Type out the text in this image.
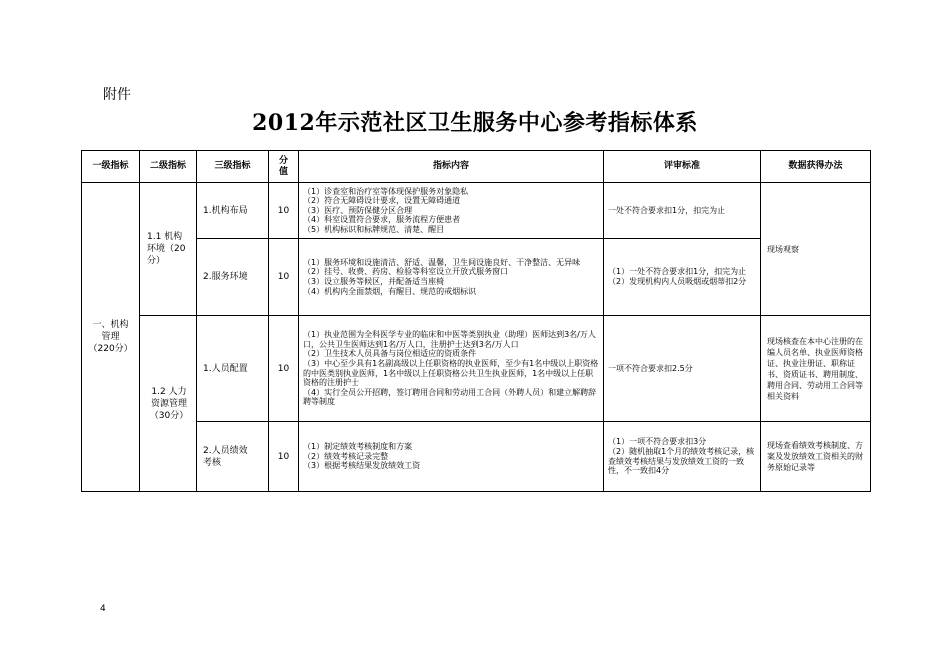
附件
2012年示范社区卫生服务中心参考指标体系
一级指标	二级指标	三级指标	分值	指标内容	评审标准	数据获得办法
一、机构管理（220分）	1.1 机构环境（20分）	1.机构布局	10	（1）诊查室和治疗室等体现保护服务对象隐私
（2）符合无障碍设计要求，设置无障碍通道
（3）医疗、预防保健分区合理
（4）科室设置符合要求，服务流程方便患者
（5）机构标识和标牌规范、清楚、醒目	一处不符合要求扣1分，扣完为止	现场观察
		2.服务环境	10	（1）服务环境和设施清洁、舒适、温馨，卫生间设施良好、干净整洁、无异味
（2）挂号、收费、药房、检验等科室设立开放式服务窗口
（3）设立服务等候区，并配备适当座椅
（4）机构内全面禁烟，有醒目、规范的戒烟标识	（1）一处不符合要求扣1分，扣完为止
（2）发现机构内人员吸烟或烟蒂扣2分	

	1.2 人力资源管理（30分）	1.人员配置	10	（1）执业范围为全科医学专业的临床和中医等类别执业（助理）医师达到3名/万人口，公共卫生医师达到1名/万人口，注册护士达到3名/万人口
（2）卫生技术人员具备与岗位相适应的资质条件
（3）中心至少具有1名副高级以上任职资格的执业医师，至少有1名中级以上职资格的中医类别执业医师，1名中级以上任职资格公共卫生执业医师，1名中级以上任职资格的注册护士
（4）实行全员公开招聘，签订聘用合同和劳动用工合同（外聘人员）和建立解聘辞聘等制度	一项不符合要求扣2.5分	现场核查在本中心注册的在编人员名单、执业医师资格证、执业注册证、职称证书、资质证书、聘用制度、聘用合同、劳动用工合同等相关资料
		2.人员绩效考核	10	（1）制定绩效考核制度和方案
（2）绩效考核记录完整
（3）根据考核结果发放绩效工资	（1）一项不符合要求扣3分
（2）随机抽取1个月的绩效考核记录，核查绩效考核结果与发放绩效工资的一致性，不一致扣4分	现场查看绩效考核制度、方案及发放绩效工资相关的财务原始记录等
4
